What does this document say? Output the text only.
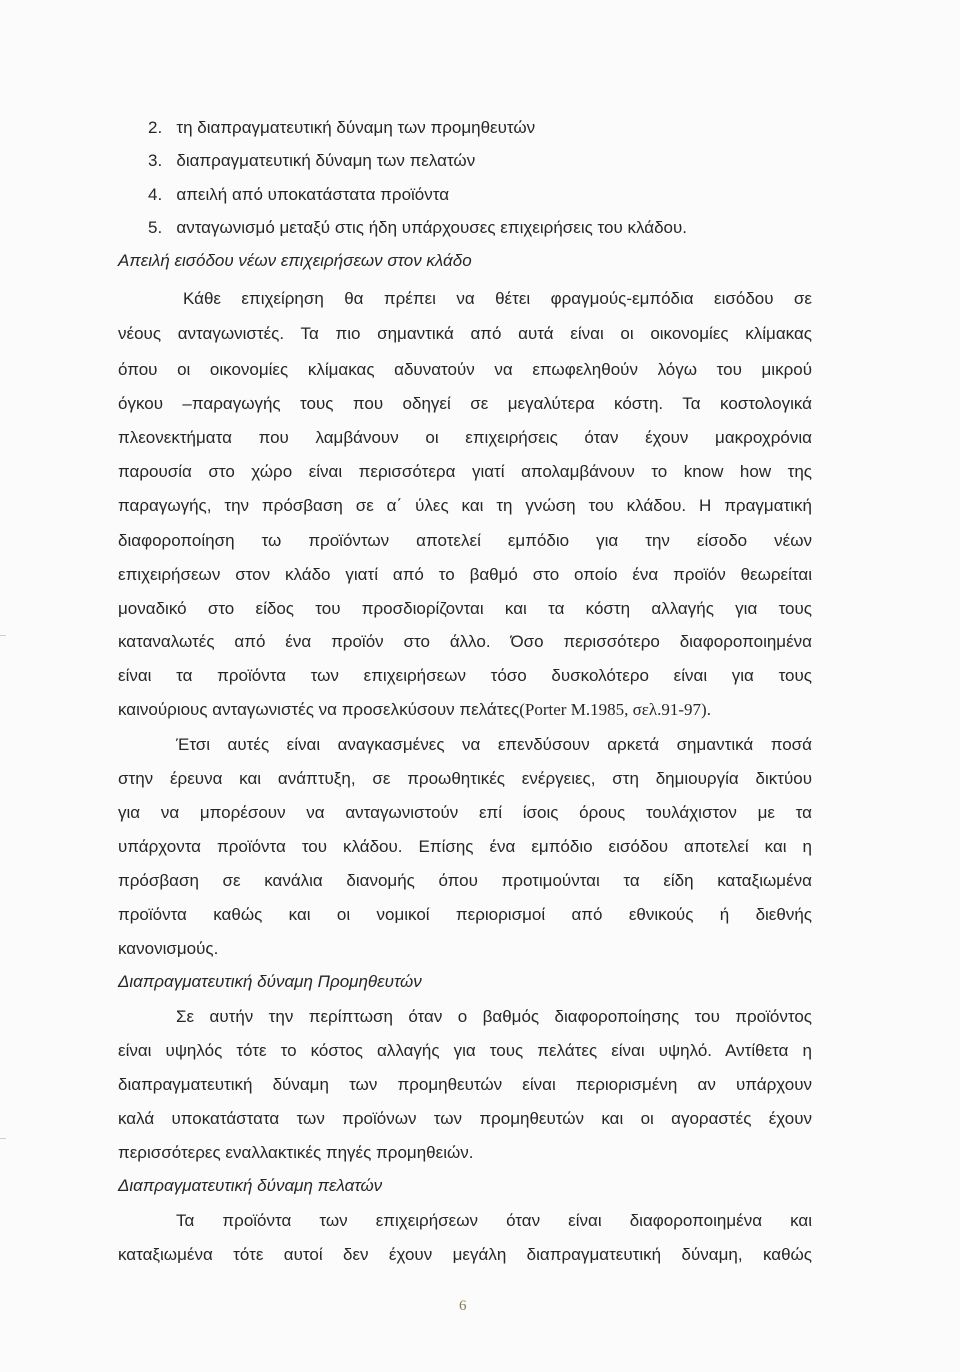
2. τη διαπραγματευτική δύναμη των προμηθευτών
3. διαπραγματευτική δύναμη των πελατών
4. απειλή από υποκατάστατα προϊόντα
5. ανταγωνισμό μεταξύ στις ήδη υπάρχουσες επιχειρήσεις του κλάδου.
Απειλή εισόδου νέων επιχειρήσεων στον κλάδο
Κάθε επιχείρηση θα πρέπει να θέτει φραγμούς-εμπόδια εισόδου σε
νέους ανταγωνιστές. Τα πιο σημαντικά από αυτά είναι οι οικονομίες κλίμακας
όπου οι οικονομίες κλίμακας αδυνατούν να επωφεληθούν λόγω του μικρού
όγκου –παραγωγής τους που οδηγεί σε μεγαλύτερα κόστη. Τα κοστολογικά
πλεονεκτήματα που λαμβάνουν οι επιχειρήσεις όταν έχουν μακροχρόνια
παρουσία στο χώρο είναι περισσότερα γιατί απολαμβάνουν το know how της
παραγωγής, την πρόσβαση σε α΄ ύλες και τη γνώση του κλάδου. Η πραγματική
διαφοροποίηση τω προϊόντων αποτελεί εμπόδιο για την είσοδο νέων
επιχειρήσεων στον κλάδο γιατί από το βαθμό στο οποίο ένα προϊόν θεωρείται
μοναδικό στο είδος του προσδιορίζονται και τα κόστη αλλαγής για τους
καταναλωτές από ένα προϊόν στο άλλο. Όσο περισσότερο διαφοροποιημένα
είναι τα προϊόντα των επιχειρήσεων τόσο δυσκολότερο είναι για τους
καινούριους ανταγωνιστές να προσελκύσουν πελάτες(Porter M.1985, σελ.91-97).
Έτσι αυτές είναι αναγκασμένες να επενδύσουν αρκετά σημαντικά ποσά
στην έρευνα και ανάπτυξη, σε προωθητικές ενέργειες, στη δημιουργία δικτύου
για να μπορέσουν να ανταγωνιστούν επί ίσοις όρους τουλάχιστον με τα
υπάρχοντα προϊόντα του κλάδου. Επίσης ένα εμπόδιο εισόδου αποτελεί και η
πρόσβαση σε κανάλια διανομής όπου προτιμούνται τα είδη καταξιωμένα
προϊόντα καθώς και οι νομικοί περιορισμοί από εθνικούς ή διεθνής
κανονισμούς.
Διαπραγματευτική δύναμη Προμηθευτών
Σε αυτήν την περίπτωση όταν ο βαθμός διαφοροποίησης του προϊόντος
είναι υψηλός τότε το κόστος αλλαγής για τους πελάτες είναι υψηλό. Αντίθετα η
διαπραγματευτική δύναμη των προμηθευτών είναι περιορισμένη αν υπάρχουν
καλά υποκατάστατα των προϊόνων των προμηθευτών και οι αγοραστές έχουν
περισσότερες εναλλακτικές πηγές προμηθειών.
Διαπραγματευτική δύναμη πελατών
Τα προϊόντα των επιχειρήσεων όταν είναι διαφοροποιημένα και
καταξιωμένα τότε αυτοί δεν έχουν μεγάλη διαπραγματευτική δύναμη, καθώς
6
